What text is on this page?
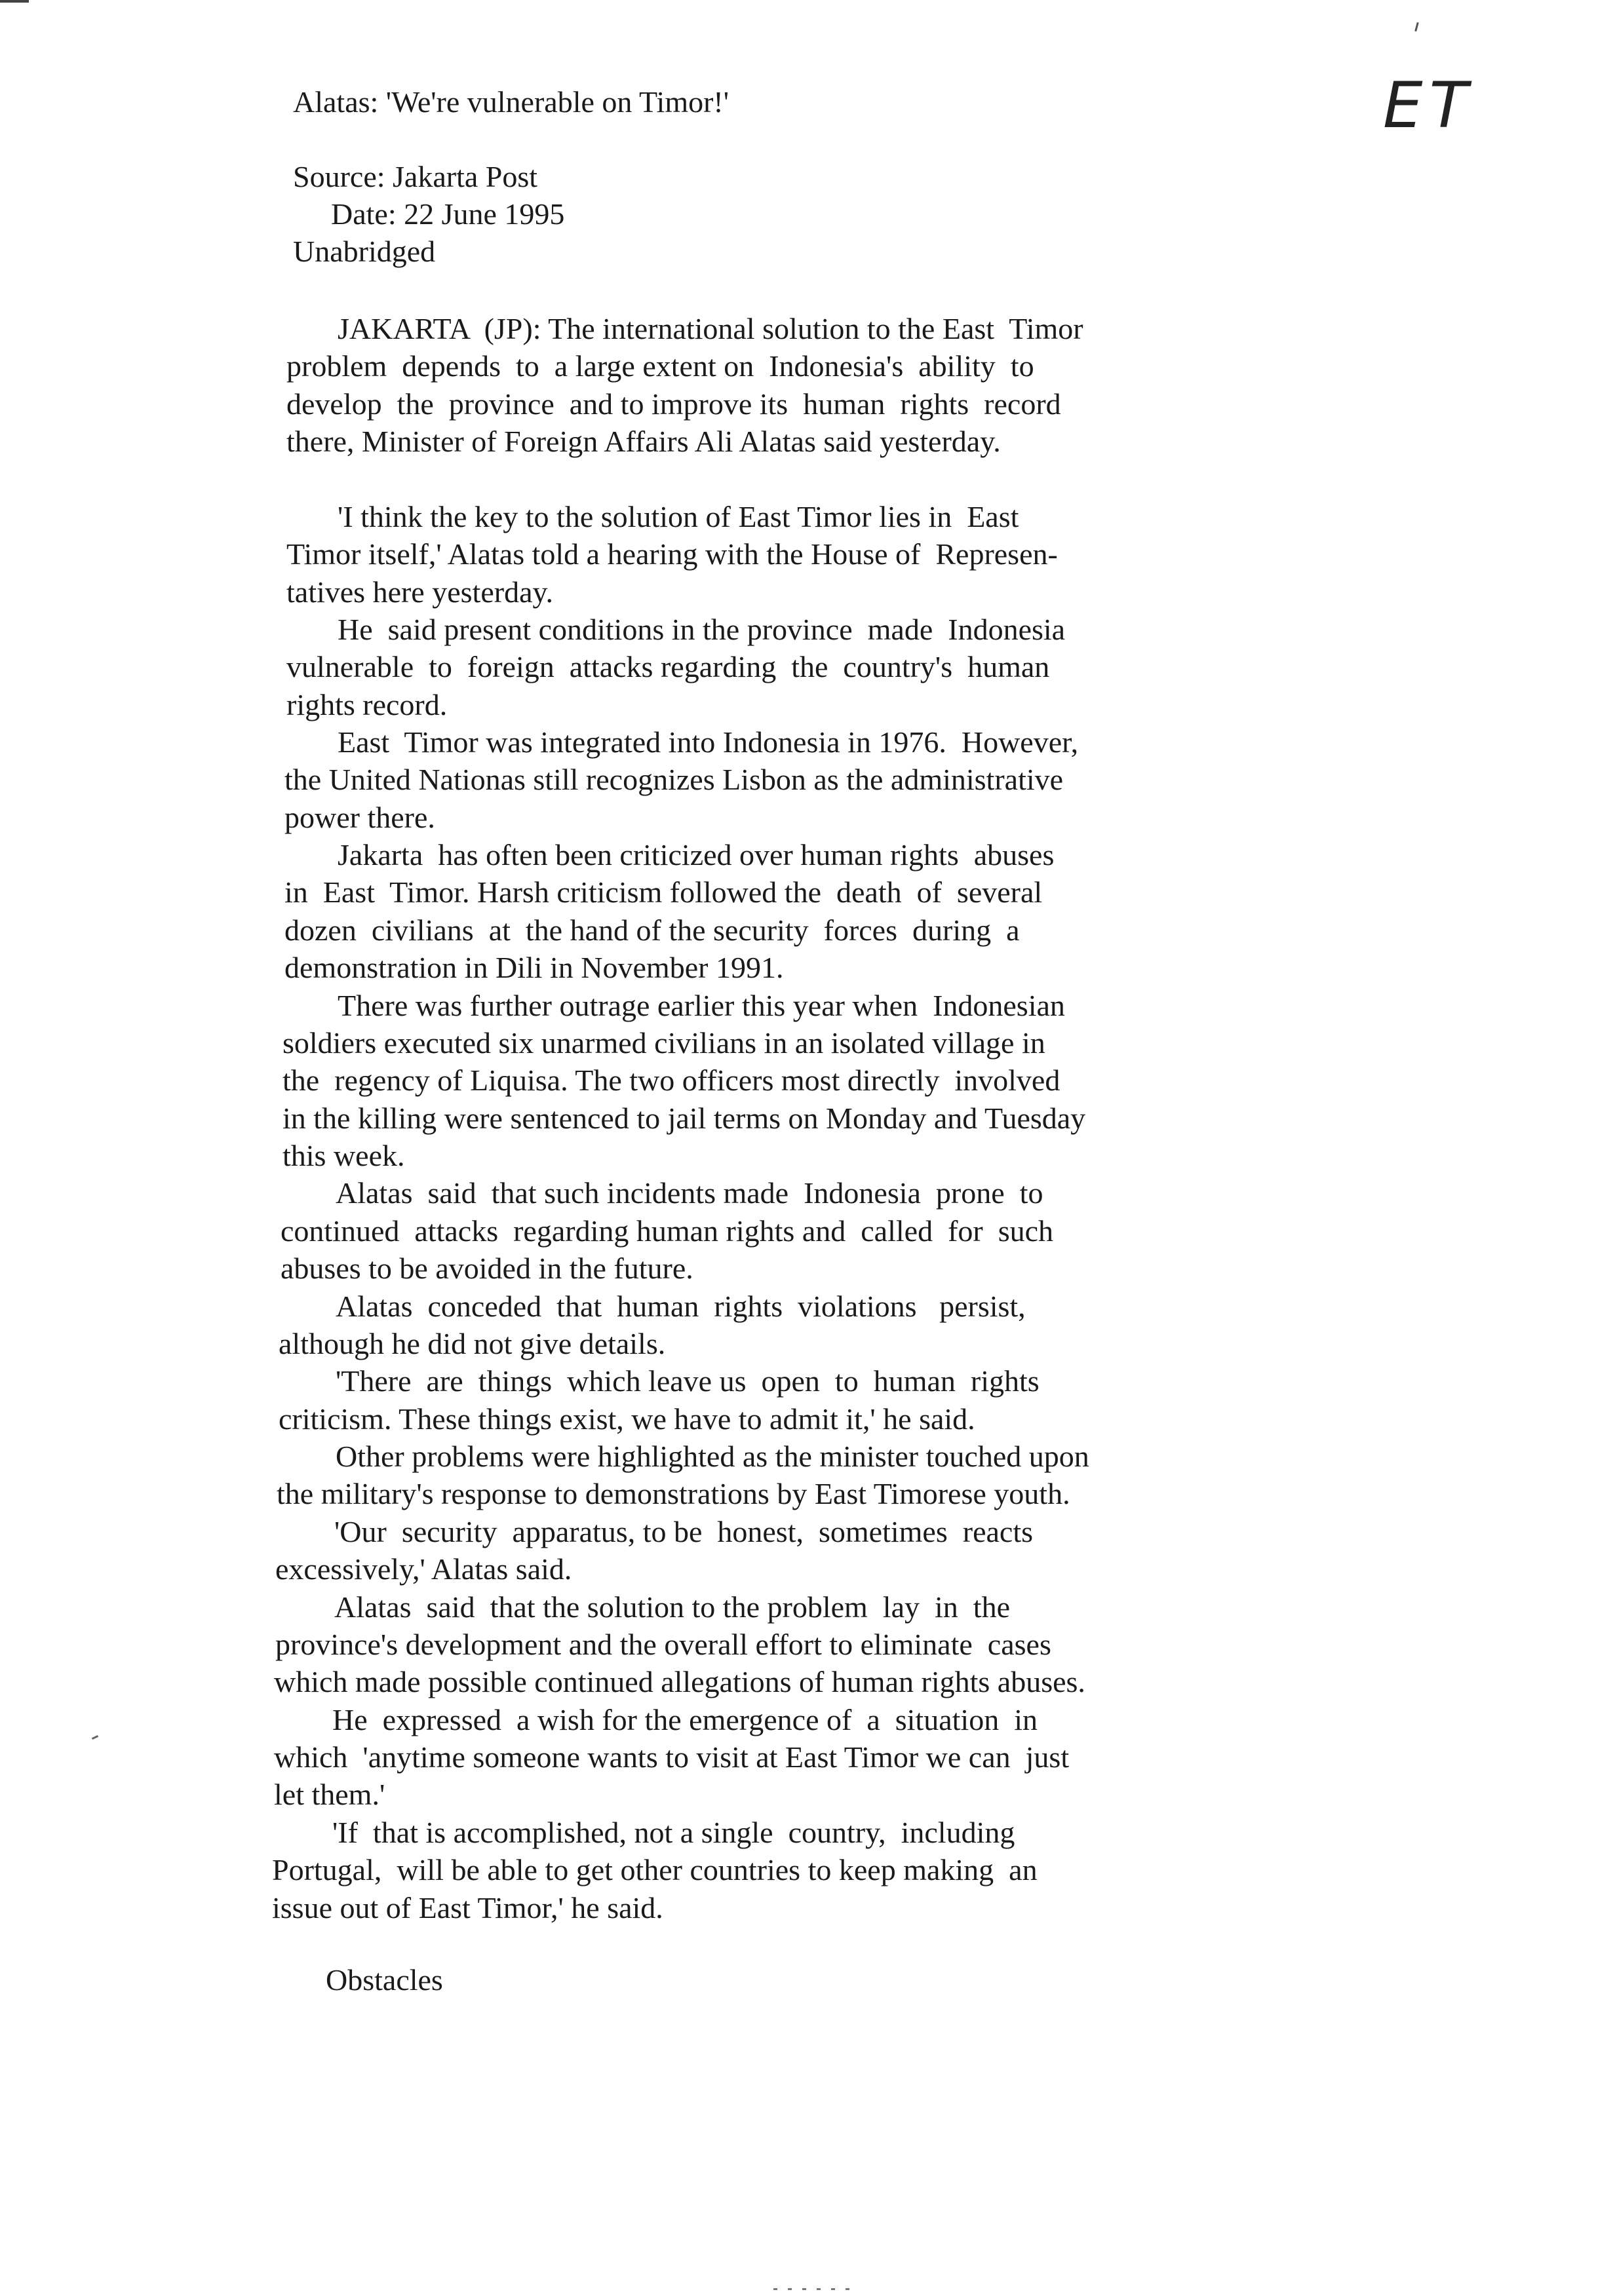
ET
Alatas: 'We're vulnerable on Timor!'
Source: Jakarta Post
Date: 22 June 1995
Unabridged
JAKARTA  (JP): The international solution to the East  Timor
problem  depends  to  a large extent on  Indonesia's  ability  to
develop  the  province  and to improve its  human  rights  record
there, Minister of Foreign Affairs Ali Alatas said yesterday.
'I think the key to the solution of East Timor lies in  East
Timor itself,' Alatas told a hearing with the House of  Represen-
tatives here yesterday.
He  said present conditions in the province  made  Indonesia
vulnerable  to  foreign  attacks regarding  the  country's  human
rights record.
East  Timor was integrated into Indonesia in 1976.  However,
the United Nationas still recognizes Lisbon as the administrative
power there.
Jakarta  has often been criticized over human rights  abuses
in  East  Timor. Harsh criticism followed the  death  of  several
dozen  civilians  at  the hand of the security  forces  during  a
demonstration in Dili in November 1991.
There was further outrage earlier this year when  Indonesian
soldiers executed six unarmed civilians in an isolated village in
the  regency of Liquisa. The two officers most directly  involved
in the killing were sentenced to jail terms on Monday and Tuesday
this week.
Alatas  said  that such incidents made  Indonesia  prone  to
continued  attacks  regarding human rights and  called  for  such
abuses to be avoided in the future.
Alatas  conceded  that  human  rights  violations   persist,
although he did not give details.
'There  are  things  which leave us  open  to  human  rights
criticism. These things exist, we have to admit it,' he said.
Other problems were highlighted as the minister touched upon
the military's response to demonstrations by East Timorese youth.
'Our  security  apparatus, to be  honest,  sometimes  reacts
excessively,' Alatas said.
Alatas  said  that the solution to the problem  lay  in  the
province's development and the overall effort to eliminate  cases
which made possible continued allegations of human rights abuses.
He  expressed  a wish for the emergence of  a  situation  in
which  'anytime someone wants to visit at East Timor we can  just
let them.'
'If  that is accomplished, not a single  country,  including
Portugal,  will be able to get other countries to keep making  an
issue out of East Timor,' he said.
Obstacles
